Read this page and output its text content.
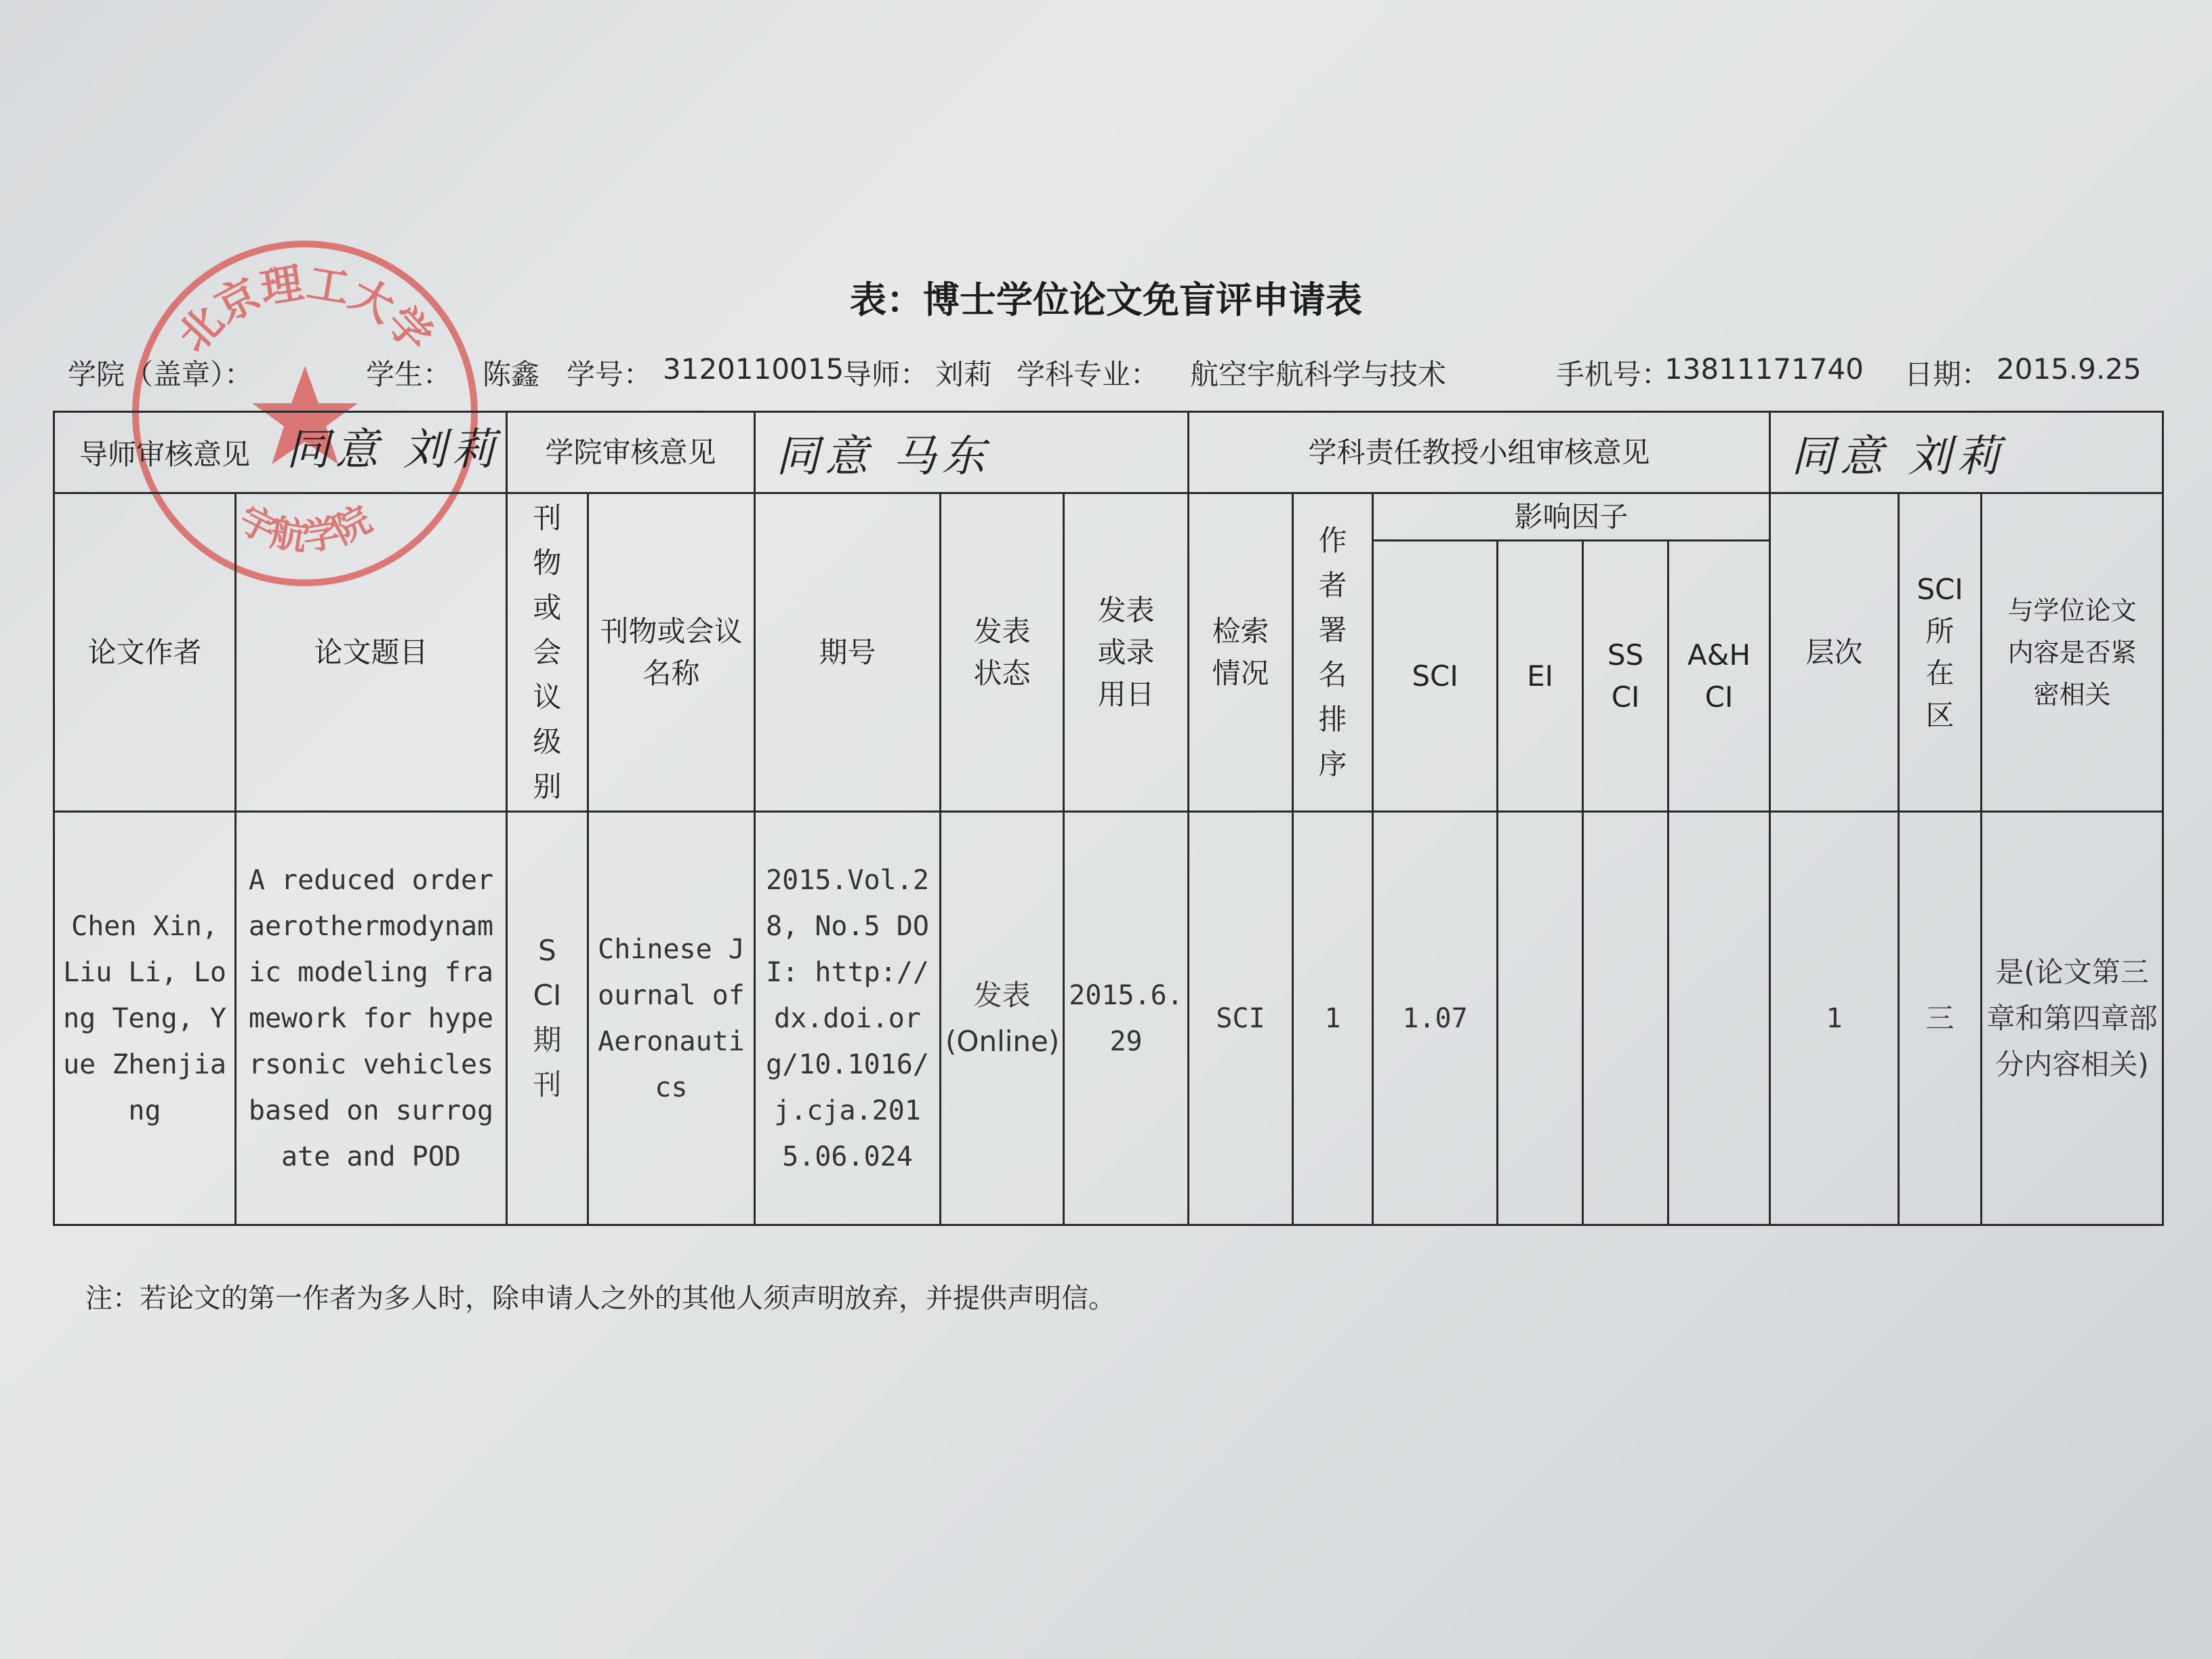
北京理工大学
宇航学院
表：博士学位论文免盲评申请表
学院（盖章）：	学生： 陈鑫 学号： 3120110015
导师： 刘莉 学科专业： 航空宇航科学与技术	手机号：
13811171740 日期： 2015.9.25
导师审核意见 同意 刘莉		学院审核意见		同意 马东			学科责任教授小组审核意见						同意 刘莉		
论文作者	论文题目	刊物或会议级别	刊物或会议名称	期号	发表状态	发表或录用日	检索情况	作者署名排序	影响因子				层次	SCI所在区	与学位论文内容是否紧密相关
									SCI	EI	SSCI	A&HCI			
Chen Xin, Liu Li, Long Teng, Yue Zhenjiang	A reduced order aerothermodynamic modeling framework for hypersonic vehicles based on surrogate and POD	SCI期刊	Chinese Journal of Aeronautics	2015.Vol.28, No.5 DOI: http://dx.doi.org/10.1016/j.cja.2015.06.024	发表(Online)	2015.6.29	SCI	1	1.07				1	三	是(论文第三章和第四章部分内容相关)
注：若论文的第一作者为多人时，除申请人之外的其他人须声明放弃，并提供声明信。
